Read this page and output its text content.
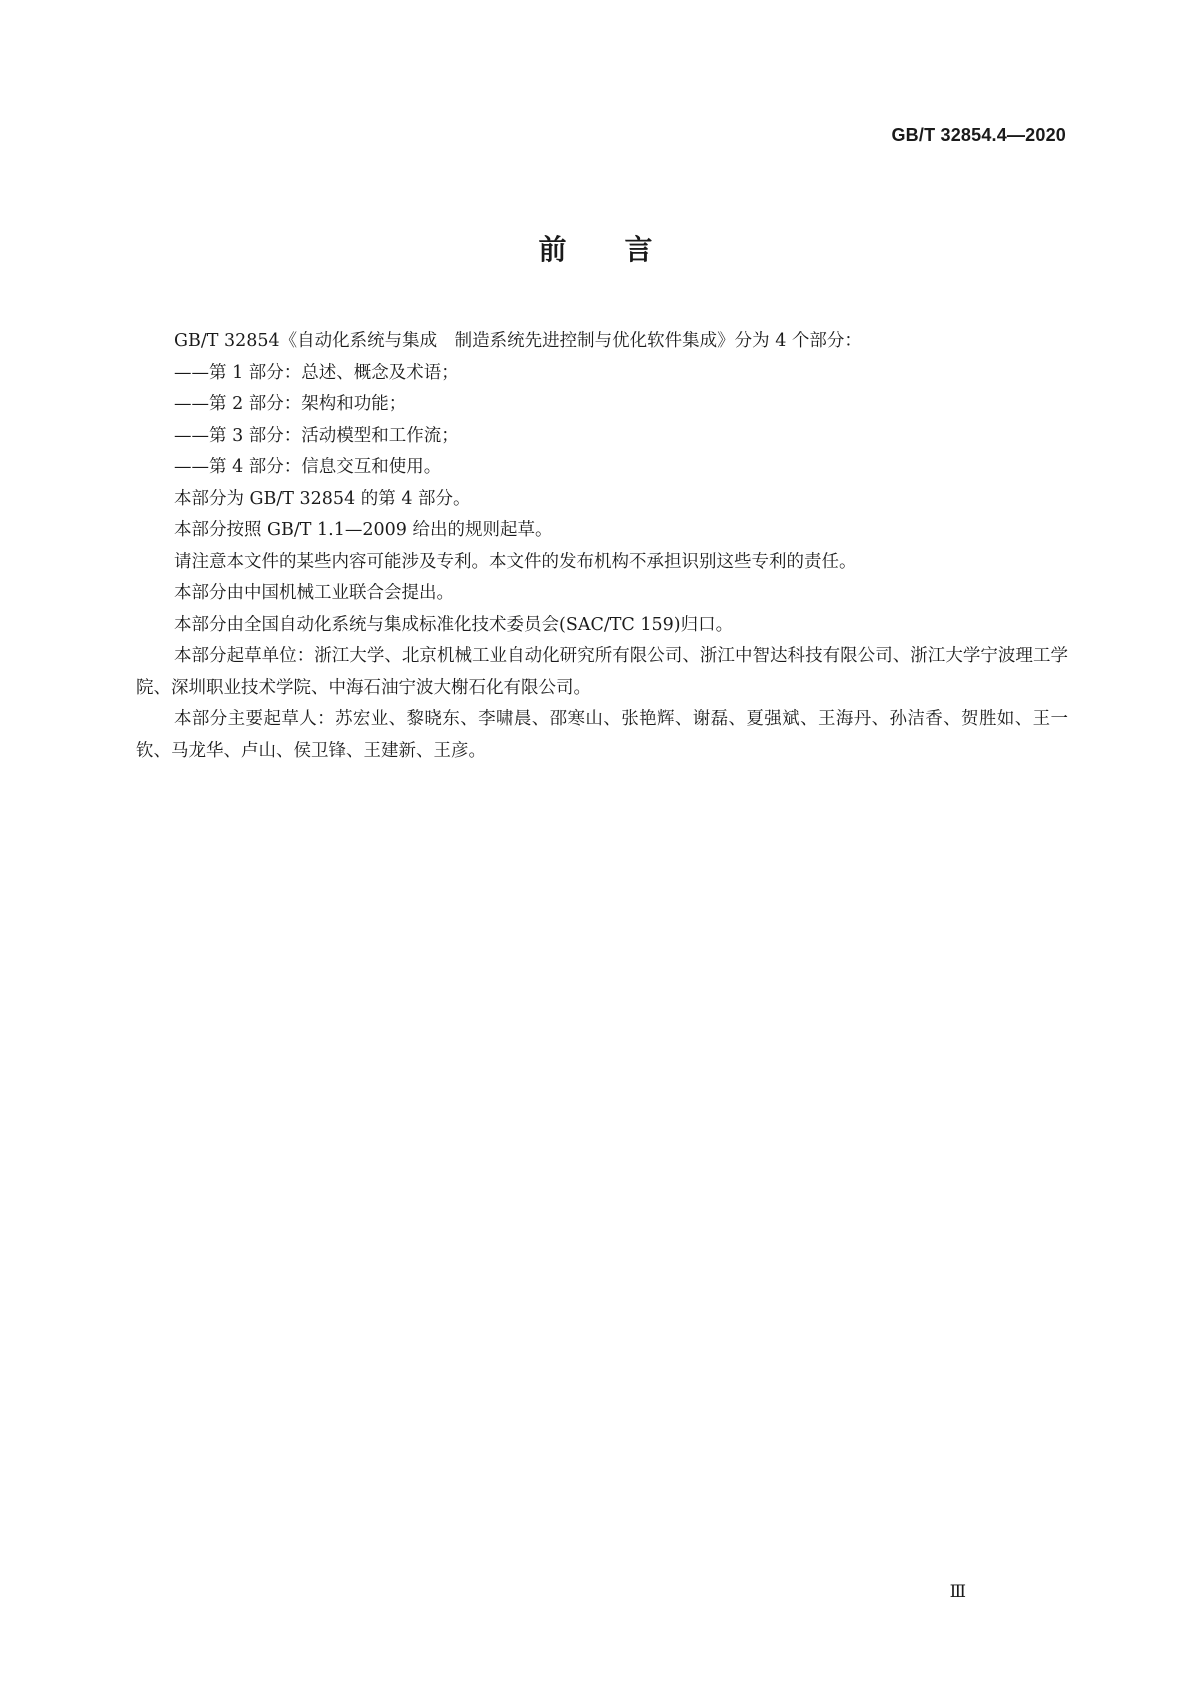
GB/T 32854.4—2020
前言

GB/T 32854《自动化系统与集成　制造系统先进控制与优化软件集成》分为 4 个部分：

——第 1 部分：总述、概念及术语；

——第 2 部分：架构和功能；

——第 3 部分：活动模型和工作流；

——第 4 部分：信息交互和使用。

本部分为 GB/T 32854 的第 4 部分。

本部分按照 GB/T 1.1—2009 给出的规则起草。

请注意本文件的某些内容可能涉及专利。本文件的发布机构不承担识别这些专利的责任。

本部分由中国机械工业联合会提出。

本部分由全国自动化系统与集成标准化技术委员会(SAC/TC 159)归口。

本部分起草单位：浙江大学、北京机械工业自动化研究所有限公司、浙江中智达科技有限公司、浙江大学宁波理工学院、深圳职业技术学院、中海石油宁波大榭石化有限公司。

本部分主要起草人：苏宏业、黎晓东、李啸晨、邵寒山、张艳辉、谢磊、夏强斌、王海丹、孙洁香、贺胜如、王一钦、马龙华、卢山、侯卫锋、王建新、王彦。

Ⅲ
